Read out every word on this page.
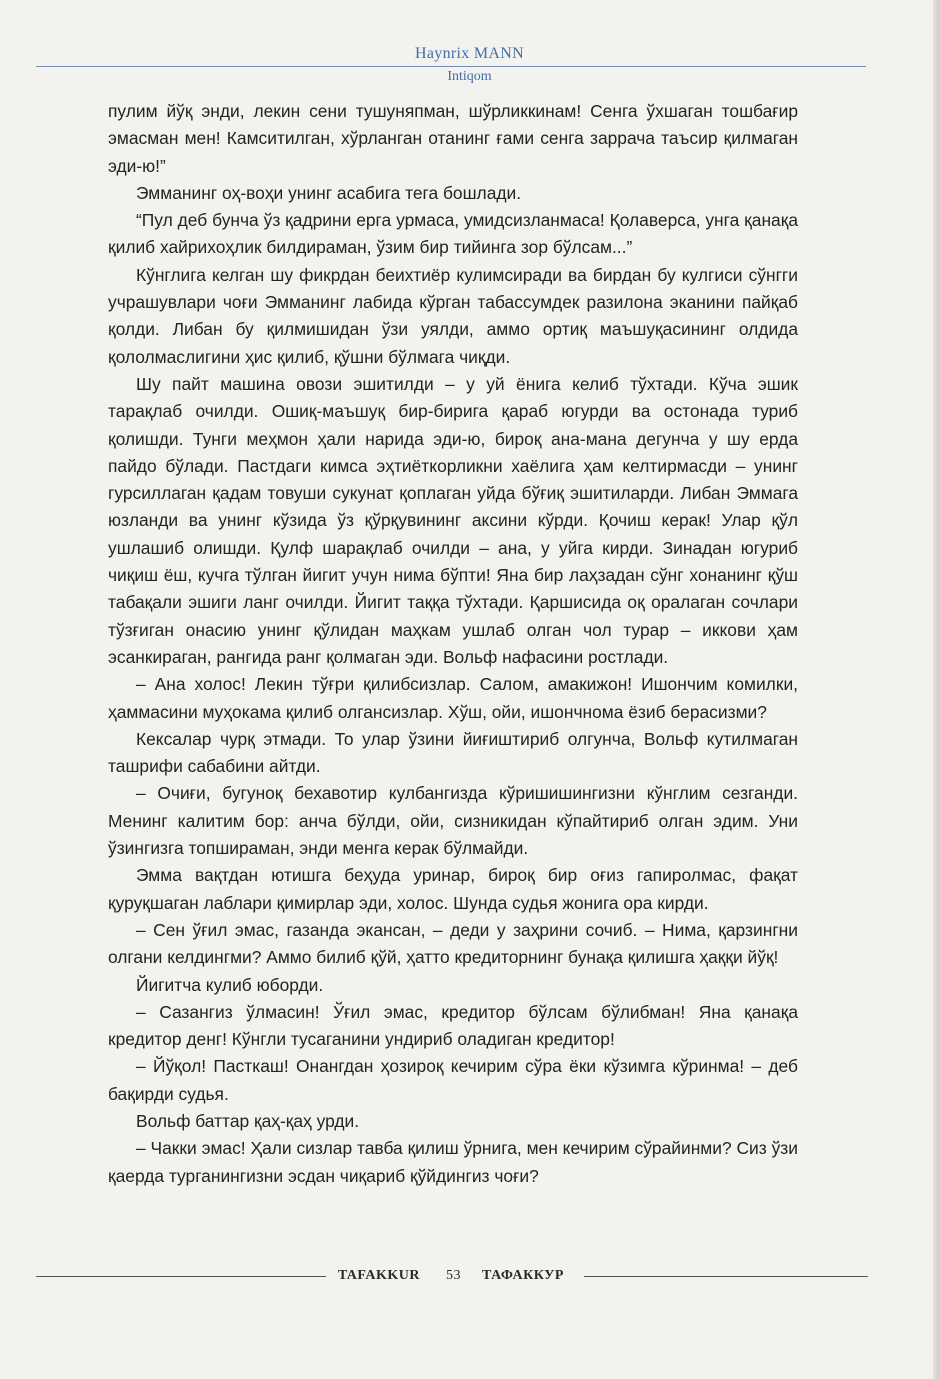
Haynrix MANN
Intiqom

пулим йўқ энди, лекин сени тушуняпман, шўрликкинам! Сенга ўхшаган тошбағир эмасман мен! Камситилган, хўрланган отанинг ғами сенга заррача таъсир қилмаган эди-ю!”

Эмманинг оҳ-воҳи унинг асабига тега бошлади.

“Пул деб бунча ўз қадрини ерга урмаса, умидсизланмаса! Қолаверса, унга қанақа қилиб хайрихоҳлик билдираман, ўзим бир тийинга зор бўлсам...”

Кўнглига келган шу фикрдан беихтиёр кулимсиради ва бирдан бу кулгиси сўнгги учрашувлари чоғи Эмманинг лабида кўрган табассумдек разилона эканини пайқаб қолди. Либан бу қилмишидан ўзи уялди, аммо ортиқ маъшуқасининг олдида қололмаслигини ҳис қилиб, қўшни бўлмага чиқди.

Шу пайт машина овози эшитилди – у уй ёнига келиб тўхтади. Кўча эшик тарақлаб очилди. Ошиқ-маъшуқ бир-бирига қараб югурди ва остонада туриб қолишди. Тунги меҳмон ҳали нарида эди-ю, бироқ ана-мана дегунча у шу ерда пайдо бўлади. Пастдаги кимса эҳтиёткорликни хаёлига ҳам келтирмасди – унинг гурсиллаган қадам товуши сукунат қоплаган уйда бўғиқ эшитиларди. Либан Эммага юзланди ва унинг кўзида ўз қўрқувининг аксини кўрди. Қочиш керак! Улар қўл ушлашиб олишди. Қулф шарақлаб очилди – ана, у уйга кирди. Зинадан югуриб чиқиш ёш, кучга тўлган йигит учун нима бўпти! Яна бир лаҳзадан сўнг хонанинг қўш табақали эшиги ланг очилди. Йигит таққа тўхтади. Қаршисида оқ оралаган сочлари тўзғиган онасию унинг қўлидан маҳкам ушлаб олган чол турар – иккови ҳам эсанкираган, рангида ранг қолмаган эди. Вольф нафасини ростлади.

– Ана холос! Лекин тўғри қилибсизлар. Салом, амакижон! Ишончим комилки, ҳаммасини муҳокама қилиб олгансизлар. Хўш, ойи, ишончнома ёзиб берасизми?

Кексалар чурқ этмади. То улар ўзини йиғиштириб олгунча, Вольф кутилмаган ташрифи сабабини айтди.

– Очиғи, бугуноқ бехавотир кулбангизда кўришишингизни кўнглим сезганди. Менинг калитим бор: анча бўлди, ойи, сизникидан кўпайтириб олган эдим. Уни ўзингизга топшираман, энди менга керак бўлмайди.

Эмма вақтдан ютишга беҳуда уринар, бироқ бир оғиз гапиролмас, фақат қуруқшаган лаблари қимирлар эди, холос. Шунда судья жонига ора кирди.

– Сен ўғил эмас, газанда экансан, – деди у заҳрини сочиб. – Нима, қарзингни олгани келдингми? Аммо билиб қўй, ҳатто кредиторнинг бунақа қилишга ҳаққи йўқ!

Йигитча кулиб юборди.

– Сазангиз ўлмасин! Ўғил эмас, кредитор бўлсам бўлибман! Яна қанақа кредитор денг! Кўнгли тусаганини ундириб оладиган кредитор!

– Йўқол! Пасткаш! Онангдан ҳозироқ кечирим сўра ёки кўзимга кўринма! – деб бақирди судья.

Вольф баттар қаҳ-қаҳ урди.

– Чакки эмас! Ҳали сизлар тавба қилиш ўрнига, мен кечирим сўрайинми? Сиз ўзи қаерда турганингизни эсдан чиқариб қўйдингиз чоғи?

TAFAKKUR 53 ТАФАККУР
